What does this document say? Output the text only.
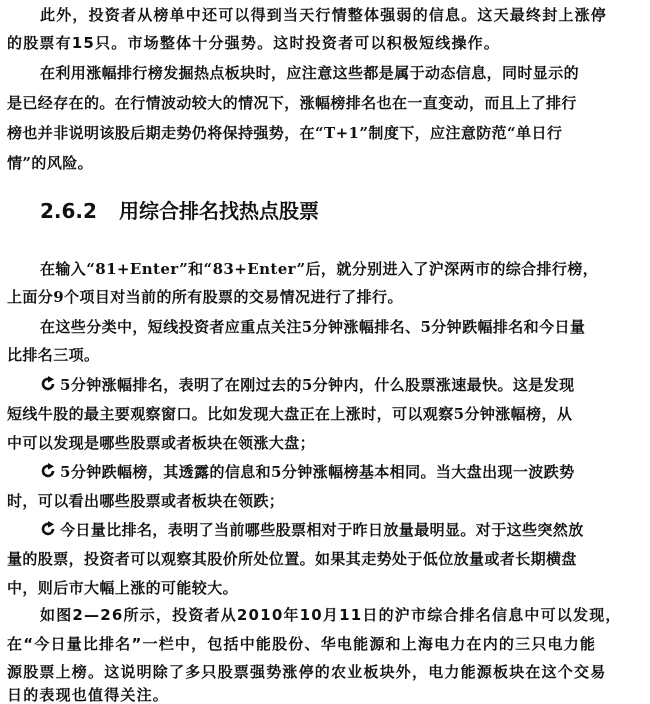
此外，投资者从榜单中还可以得到当天行情整体强弱的信息。这天最终封上涨停
的股票有15只。市场整体十分强势。这时投资者可以积极短线操作。
在利用涨幅排行榜发掘热点板块时，应注意这些都是属于动态信息，同时显示的
是已经存在的。在行情波动较大的情况下，涨幅榜排名也在一直变动，而且上了排行
榜也并非说明该股后期走势仍将保持强势，在“T+1”制度下，应注意防范“单日行
情”的风险。
2.6.2 用综合排名找热点股票
在输入“81+Enter”和“83+Enter”后，就分别进入了沪深两市的综合排行榜，
上面分9个项目对当前的所有股票的交易情况进行了排行。
在这些分类中，短线投资者应重点关注5分钟涨幅排名、5分钟跌幅排名和今日量
比排名三项。
5分钟涨幅排名，表明了在刚过去的5分钟内，什么股票涨速最快。这是发现
短线牛股的最主要观察窗口。比如发现大盘正在上涨时，可以观察5分钟涨幅榜，从
中可以发现是哪些股票或者板块在领涨大盘；
5分钟跌幅榜，其透露的信息和5分钟涨幅榜基本相同。当大盘出现一波跌势
时，可以看出哪些股票或者板块在领跌；
今日量比排名，表明了当前哪些股票相对于昨日放量最明显。对于这些突然放
量的股票，投资者可以观察其股价所处位置。如果其走势处于低位放量或者长期横盘
中，则后市大幅上涨的可能较大。
如图2—26所示，投资者从2010年10月11日的沪市综合排名信息中可以发现，
在“今日量比排名”一栏中，包括中能股份、华电能源和上海电力在内的三只电力能
源股票上榜。这说明除了多只股票强势涨停的农业板块外，电力能源板块在这个交易
日的表现也值得关注。
